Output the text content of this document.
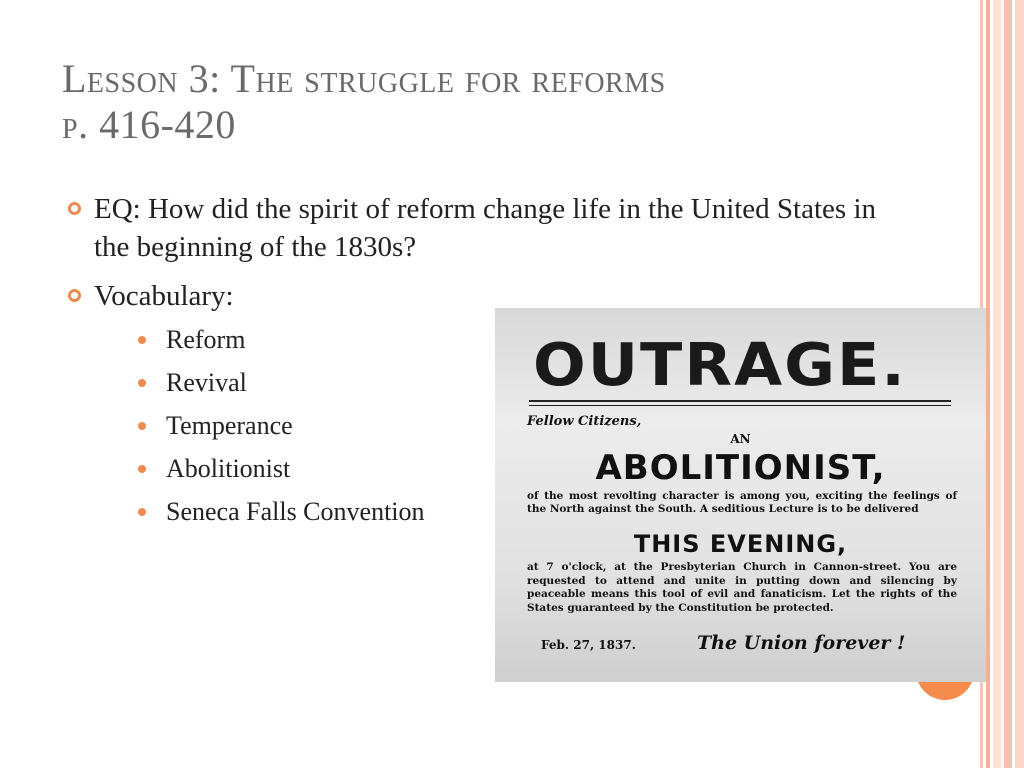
Lesson 3: The struggle for reforms
p. 416-420
EQ: How did the spirit of reform change life in the United States in the beginning of the 1830s?
Vocabulary:
Reform
Revival
Temperance
Abolitionist
Seneca Falls Convention
OUTRAGE.
Fellow Citizens,
AN
ABOLITIONIST,
of the most revolting character is among you, exciting the feelings of the North against the South. A seditious Lecture is to be delivered
THIS EVENING,
at 7 o'clock, at the Presbyterian Church in Cannon-street. You are requested to attend and unite in putting down and silencing by peaceable means this tool of evil and fanaticism. Let the rights of the States guaranteed by the Constitution be protected.
Feb. 27, 1837.	The Union forever !
